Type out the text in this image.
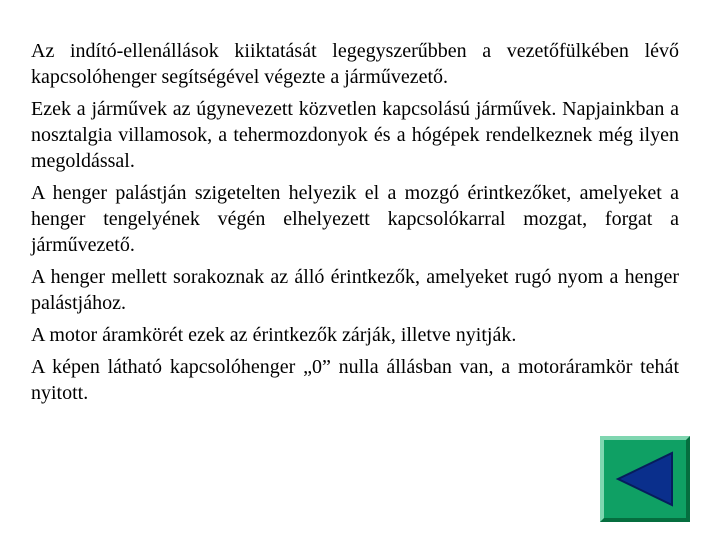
Az indító-ellenállások kiiktatását legegyszerűbben a vezetőfülkében lévő kapcsolóhenger segítségével végezte a járművezető.

Ezek a járművek az úgynevezett közvetlen kapcsolású járművek. Napjainkban a nosztalgia villamosok, a tehermozdonyok és a hógépek rendelkeznek még ilyen megoldással.

A henger palástján szigetelten helyezik el a mozgó érintkezőket, amelyeket a henger tengelyének végén elhelyezett kapcsolókarral mozgat, forgat a járművezető.

A henger mellett sorakoznak az álló érintkezők, amelyeket rugó nyom a henger palástjához.

A motor áramkörét ezek az érintkezők zárják, illetve nyitják.

A képen látható kapcsolóhenger „0” nulla állásban van, a motoráramkör tehát nyitott.
